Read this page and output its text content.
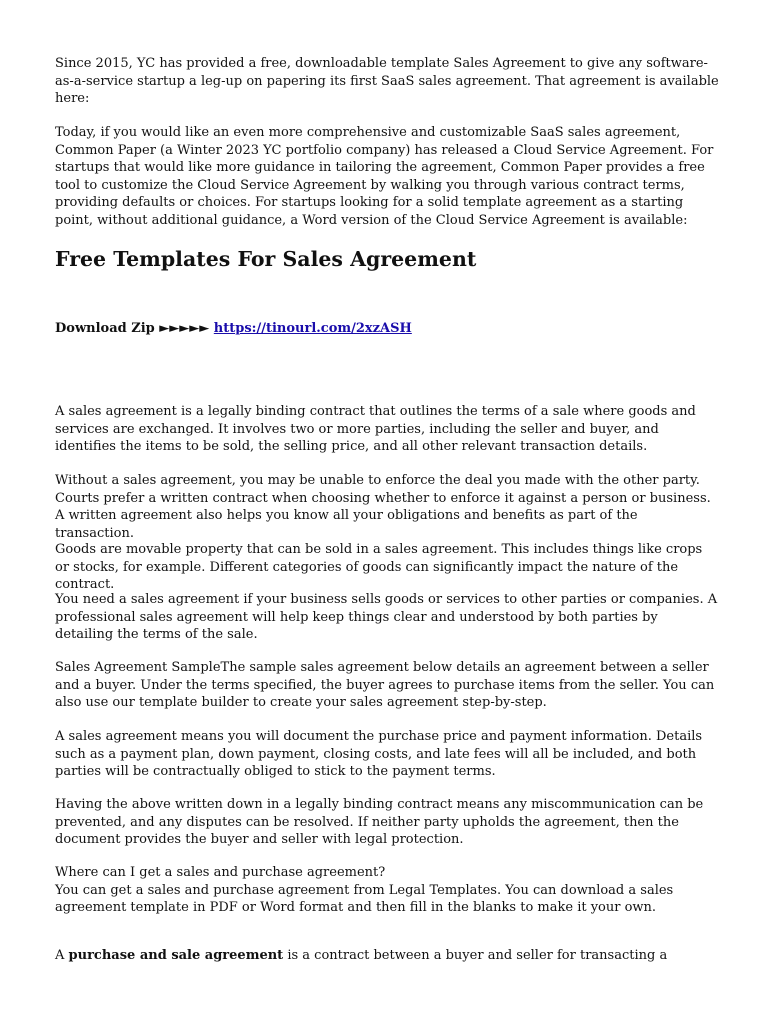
Since 2015, YC has provided a free, downloadable template Sales Agreement to give any software-as-a-service startup a leg-up on papering its first SaaS sales agreement. That agreement is available here:
Today, if you would like an even more comprehensive and customizable SaaS sales agreement, Common Paper (a Winter 2023 YC portfolio company) has released a Cloud Service Agreement. For startups that would like more guidance in tailoring the agreement, Common Paper provides a free tool to customize the Cloud Service Agreement by walking you through various contract terms, providing defaults or choices. For startups looking for a solid template agreement as a starting point, without additional guidance, a Word version of the Cloud Service Agreement is available:
Free Templates For Sales Agreement
Download Zip ►►►►► https://tinourl.com/2xzASH
A sales agreement is a legally binding contract that outlines the terms of a sale where goods and services are exchanged. It involves two or more parties, including the seller and buyer, and identifies the items to be sold, the selling price, and all other relevant transaction details.
Without a sales agreement, you may be unable to enforce the deal you made with the other party. Courts prefer a written contract when choosing whether to enforce it against a person or business. A written agreement also helps you know all your obligations and benefits as part of the transaction.
Goods are movable property that can be sold in a sales agreement. This includes things like crops or stocks, for example. Different categories of goods can significantly impact the nature of the contract.
You need a sales agreement if your business sells goods or services to other parties or companies. A professional sales agreement will help keep things clear and understood by both parties by detailing the terms of the sale.
Sales Agreement SampleThe sample sales agreement below details an agreement between a seller and a buyer. Under the terms specified, the buyer agrees to purchase items from the seller. You can also use our template builder to create your sales agreement step-by-step.
A sales agreement means you will document the purchase price and payment information. Details such as a payment plan, down payment, closing costs, and late fees will all be included, and both parties will be contractually obliged to stick to the payment terms.
Having the above written down in a legally binding contract means any miscommunication can be prevented, and any disputes can be resolved. If neither party upholds the agreement, then the document provides the buyer and seller with legal protection.
Where can I get a sales and purchase agreement?
You can get a sales and purchase agreement from Legal Templates. You can download a sales agreement template in PDF or Word format and then fill in the blanks to make it your own.
A purchase and sale agreement is a contract between a buyer and seller for transacting a
